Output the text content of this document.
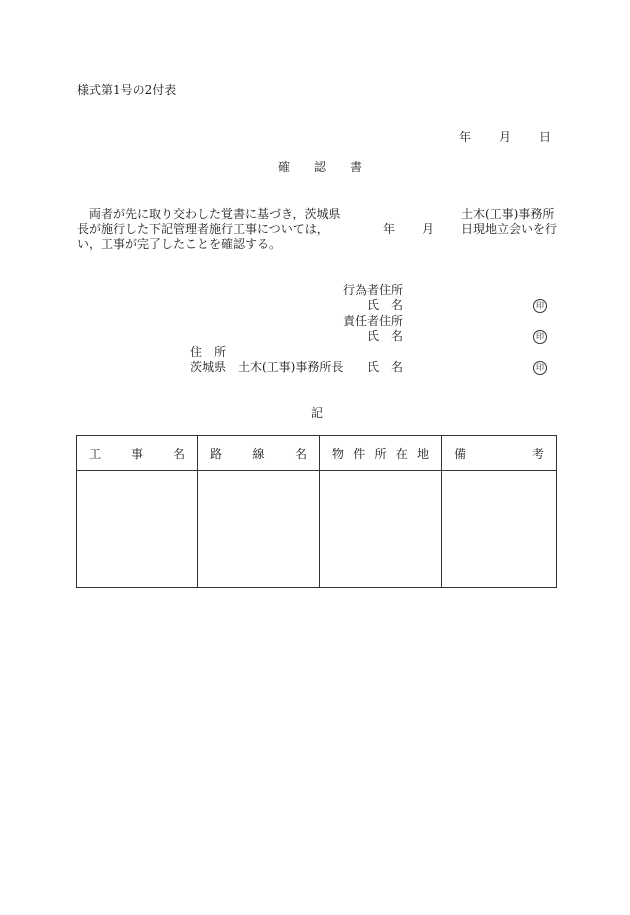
様式第1号の2付表
年 月 日
確 認 書
両者が先に取り交わした覚書に基づき，茨城県	土木(工事)事務所
長が施行した下記管理者施行工事については，	年 月 日現地立会いを行
い，工事が完了したことを確認する。
行為者住所
氏　名	印
責任者住所
氏　名	印
住　所
茨城県　土木(工事)事務所長 氏　名	印
記
工 事 名	路 線 名	物 件 所 在 地	備 考
